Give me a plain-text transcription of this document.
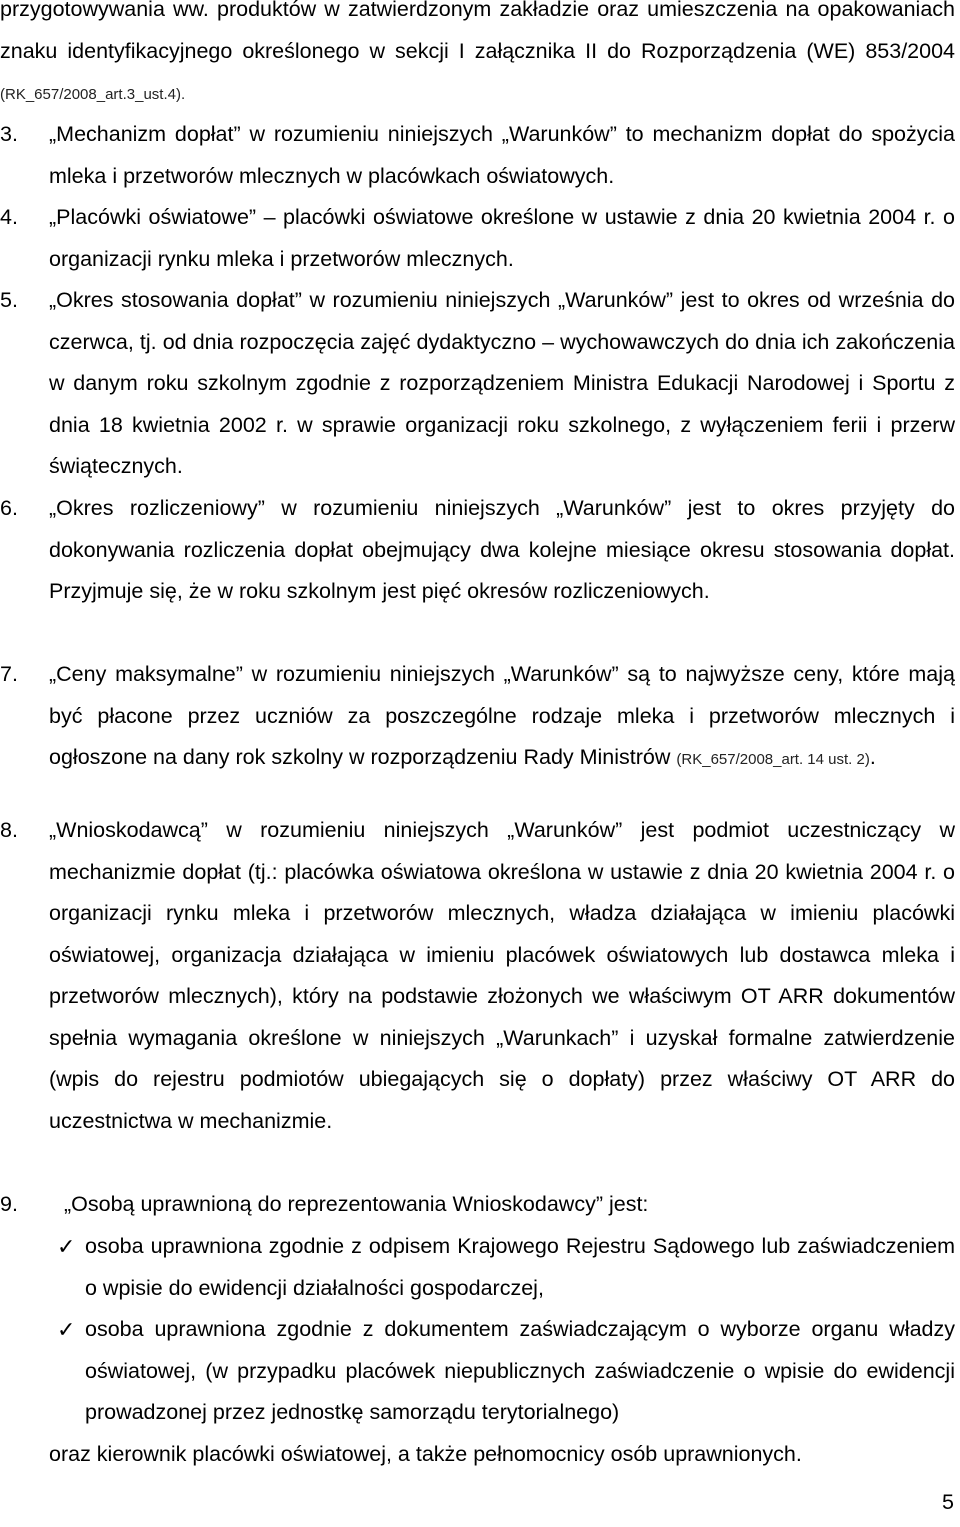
przygotowywania ww. produktów w zatwierdzonym zakładzie oraz umieszczenia na opakowaniach znaku identyfikacyjnego określonego w sekcji I załącznika II do Rozporządzenia (WE) 853/2004 (RK_657/2008_art.3_ust.4).

3.	„Mechanizm dopłat” w rozumieniu niniejszych „Warunków” to mechanizm dopłat do spożycia mleka i przetworów mlecznych w placówkach oświatowych.

4.	„Placówki oświatowe” – placówki oświatowe określone w ustawie z dnia 20 kwietnia 2004 r. o organizacji rynku mleka i przetworów mlecznych.

5.	„Okres stosowania dopłat” w rozumieniu niniejszych „Warunków” jest to okres od września do czerwca, tj. od dnia rozpoczęcia zajęć dydaktyczno – wychowawczych do dnia ich zakończenia w danym roku szkolnym zgodnie z rozporządzeniem Ministra Edukacji Narodowej i Sportu z dnia 18 kwietnia 2002 r. w sprawie organizacji roku szkolnego, z wyłączeniem ferii i przerw świątecznych.

6.	„Okres rozliczeniowy” w rozumieniu niniejszych „Warunków” jest to okres przyjęty do dokonywania rozliczenia dopłat obejmujący dwa kolejne miesiące okresu stosowania dopłat. Przyjmuje się, że w roku szkolnym jest pięć okresów rozliczeniowych.

7.	„Ceny maksymalne” w rozumieniu niniejszych „Warunków” są to najwyższe ceny, które mają być płacone przez uczniów za poszczególne rodzaje mleka i przetworów mlecznych i ogłoszone na dany rok szkolny w rozporządzeniu Rady Ministrów (RK_657/2008_art. 14 ust. 2).

8.	„Wnioskodawcą” w rozumieniu niniejszych „Warunków” jest podmiot uczestniczący w mechanizmie dopłat (tj.: placówka oświatowa określona w ustawie z dnia 20 kwietnia 2004 r. o organizacji rynku mleka i przetworów mlecznych, władza działająca w imieniu placówki oświatowej, organizacja działająca w imieniu placówek oświatowych lub dostawca mleka i przetworów mlecznych), który na podstawie złożonych we właściwym OT ARR dokumentów spełnia wymagania określone w niniejszych „Warunkach” i uzyskał formalne zatwierdzenie (wpis do rejestru podmiotów ubiegających się o dopłaty) przez właściwy OT ARR do uczestnictwa w mechanizmie.

9.	„Osobą uprawnioną do reprezentowania Wnioskodawcy” jest:

✓ osoba uprawniona zgodnie z odpisem Krajowego Rejestru Sądowego lub zaświadczeniem o wpisie do ewidencji działalności gospodarczej,

✓ osoba uprawniona zgodnie z dokumentem zaświadczającym o wyborze organu władzy oświatowej, (w przypadku placówek niepublicznych zaświadczenie o wpisie do ewidencji prowadzonej przez jednostkę samorządu terytorialnego)

oraz kierownik placówki oświatowej, a także pełnomocnicy osób uprawnionych.

5
